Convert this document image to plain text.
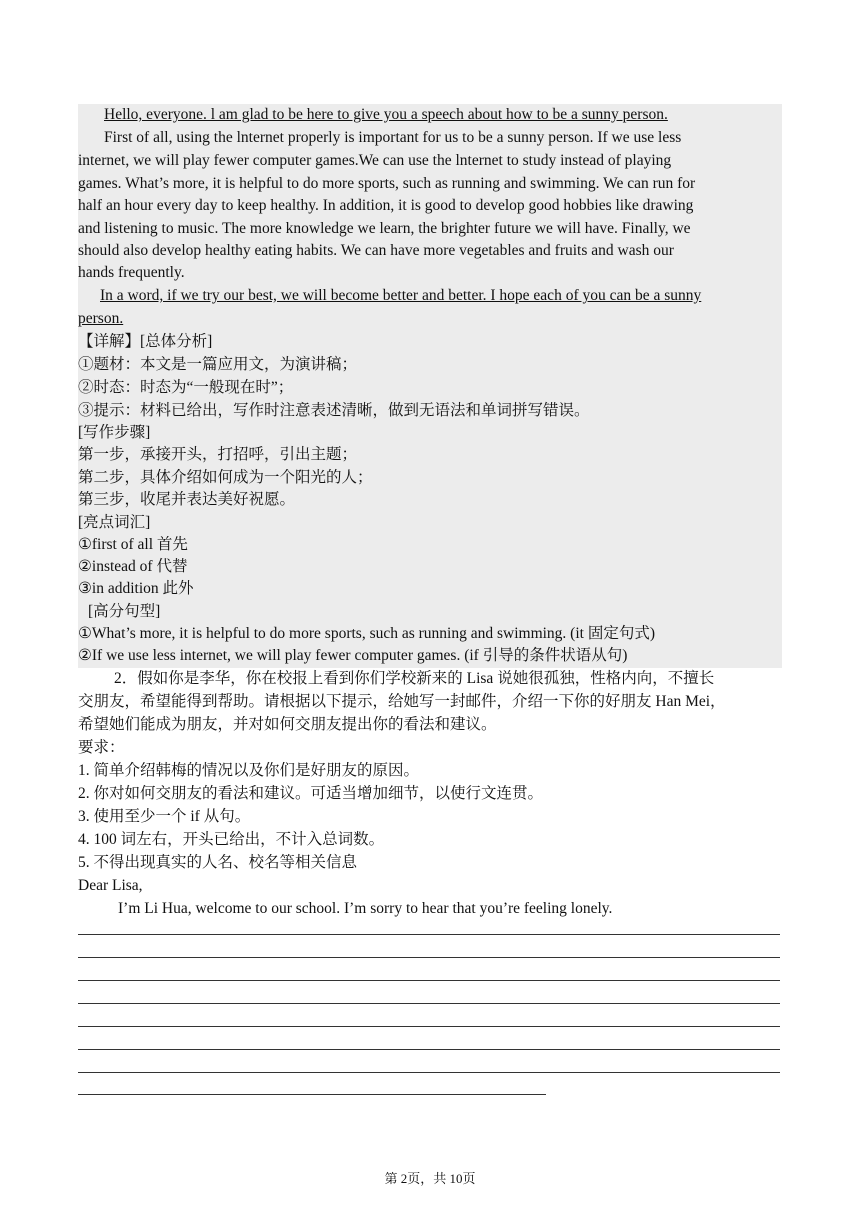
Hello, everyone. l am glad to be here to give you a speech about how to be a sunny person.
First of all, using the lnternet properly is important for us to be a sunny person. If we use less
internet, we will play fewer computer games.We can use the lnternet to study instead of playing
games. What’s more, it is helpful to do more sports, such as running and swimming. We can run for
half an hour every day to keep healthy. In addition, it is good to develop good hobbies like drawing
and listening to music. The more knowledge we learn, the brighter future we will have. Finally, we
should also develop healthy eating habits. We can have more vegetables and fruits and wash our
hands frequently.
In a word, if we try our best, we will become better and better. I hope each of you can be a sunny
person.
【详解】[总体分析]
①题材：本文是一篇应用文，为演讲稿；
②时态：时态为“一般现在时”；
③提示：材料已给出，写作时注意表述清晰，做到无语法和单词拼写错误。
[写作步骤]
第一步，承接开头，打招呼，引出主题；
第二步，具体介绍如何成为一个阳光的人；
第三步，收尾并表达美好祝愿。
[亮点词汇]
①first of all 首先
②instead of 代替
③in addition 此外
[高分句型]
①What’s more, it is helpful to do more sports, such as running and swimming. (it 固定句式)
②If we use less internet, we will play fewer computer games. (if 引导的条件状语从句)
2．假如你是李华，你在校报上看到你们学校新来的 Lisa 说她很孤独，性格内向，不擅长
交朋友，希望能得到帮助。请根据以下提示，给她写一封邮件，介绍一下你的好朋友 Han Mei，
希望她们能成为朋友，并对如何交朋友提出你的看法和建议。
要求：
1. 简单介绍韩梅的情况以及你们是好朋友的原因。
2. 你对如何交朋友的看法和建议。可适当增加细节，以使行文连贯。
3. 使用至少一个 if 从句。
4. 100 词左右，开头已给出，不计入总词数。
5. 不得出现真实的人名、校名等相关信息
Dear Lisa,
I’m Li Hua, welcome to our school. I’m sorry to hear that you’re feeling lonely.
第 2页，共 10页
